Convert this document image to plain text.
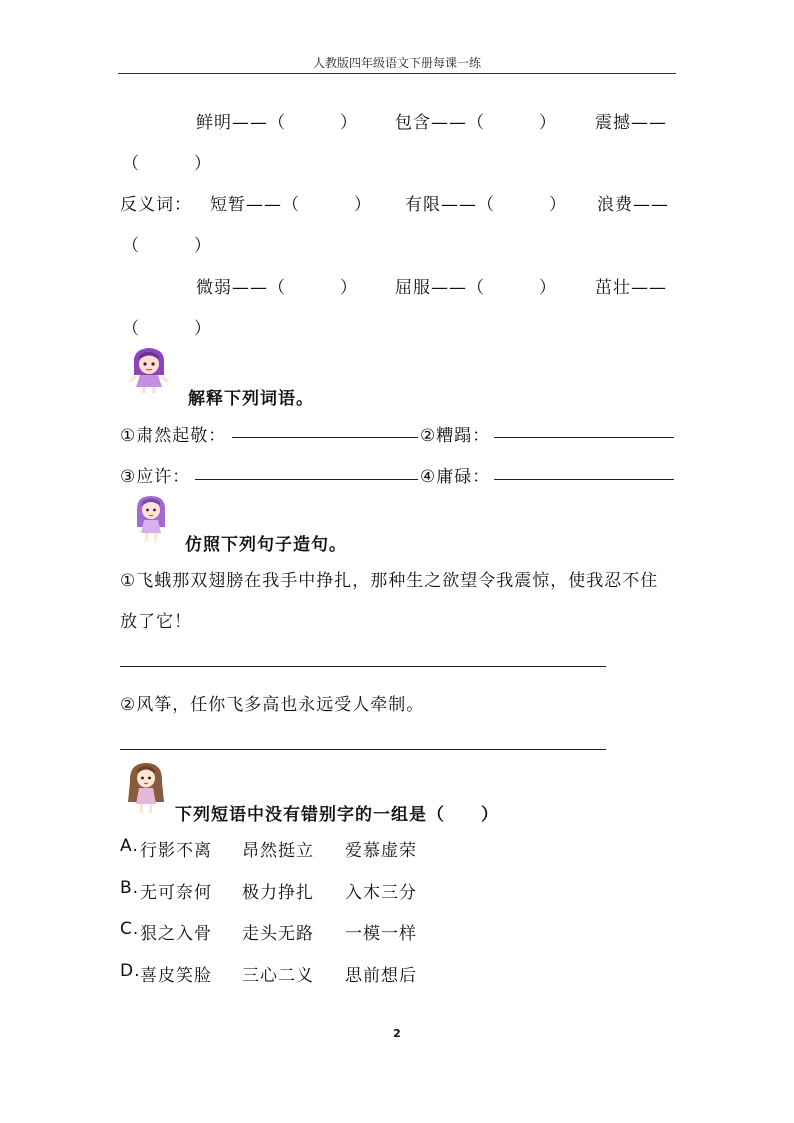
人教版四年级语文下册每课一练
鲜明——（　　　） 包含——（　　　） 震撼——
（　　　）
反义词： 短暂——（　　　） 有限——（　　　） 浪费——
（　　　）
微弱——（　　　） 屈服——（　　　） 茁壮——
（　　　）
解释下列词语。
①肃然起敬：	②糟蹋：
③应许：	④庸碌：
仿照下列句子造句。
①飞蛾那双翅膀在我手中挣扎，那种生之欲望令我震惊，使我忍不住
放了它！
②风筝，任你飞多高也永远受人牵制。
下列短语中没有错别字的一组是（　　）
A. 行影不离 昂然挺立 爱慕虚荣
B. 无可奈何 极力挣扎 入木三分
C. 狠之入骨 走头无路 一模一样
D. 喜皮笑脸 三心二义 思前想后
2
